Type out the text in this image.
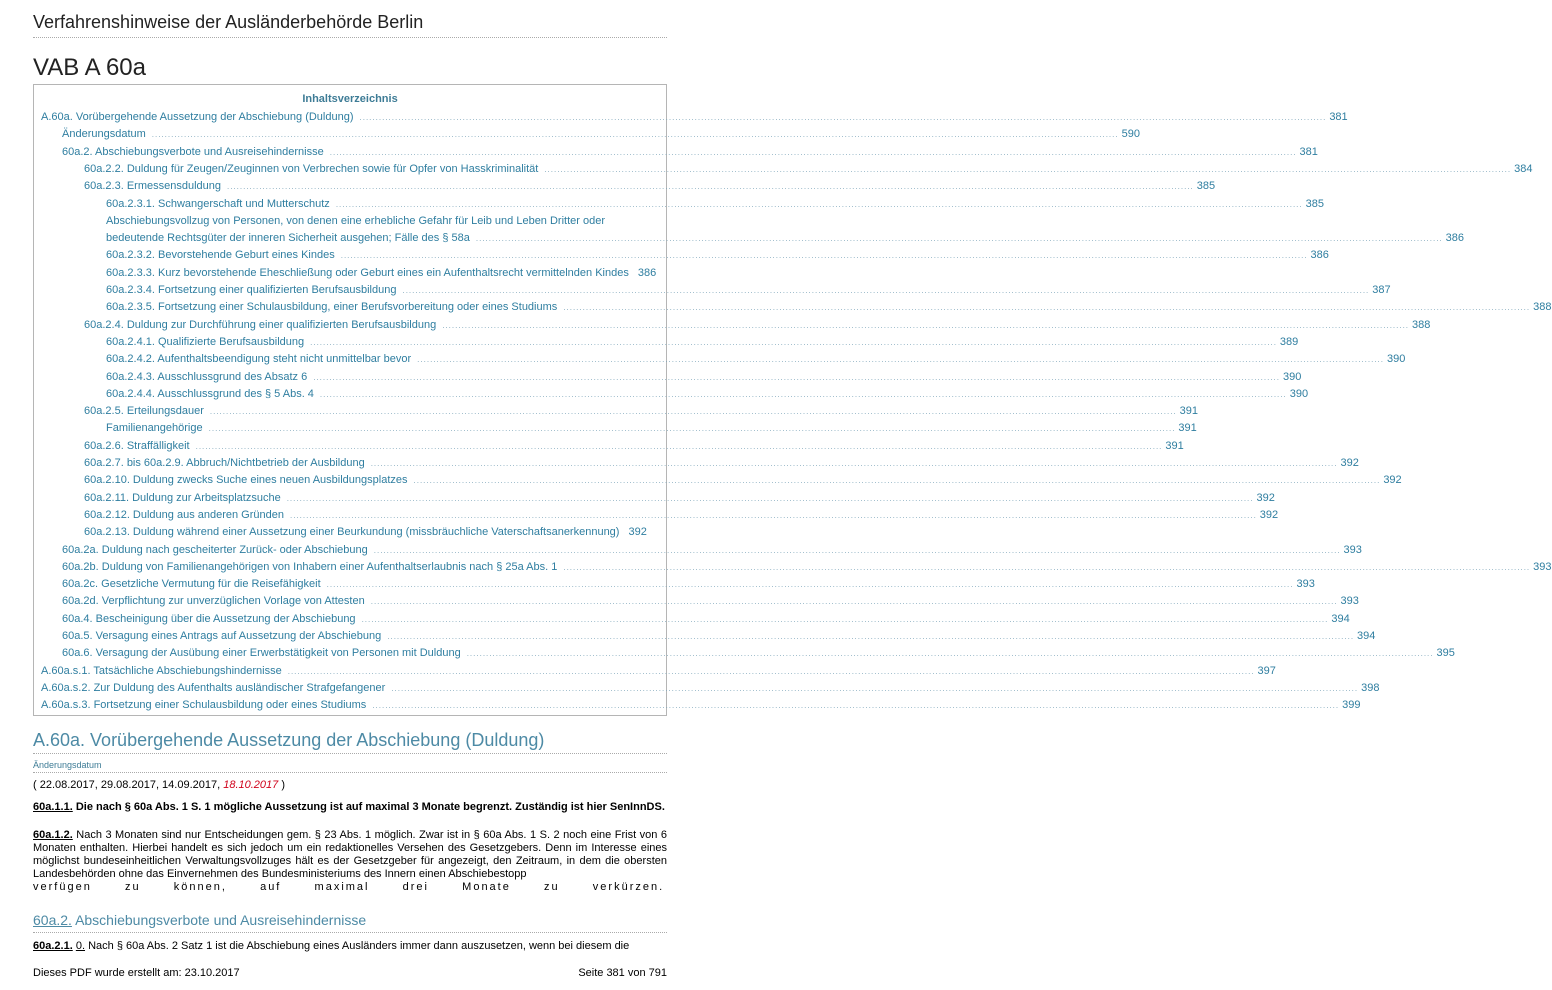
Verfahrenshinweise der Ausländerbehörde Berlin
VAB A 60a
Inhaltsverzeichnis
A.60a. Vorübergehende Aussetzung der Abschiebung (Duldung) ............................................................................................................................................................................................................................................................................................................ 381
Änderungsdatum ............................................................................................................................................................................................................................................................................................................ 590
60a.2. Abschiebungsverbote und Ausreisehindernisse ............................................................................................................................................................................................................................................................................................................ 381
60a.2.2. Duldung für Zeugen/Zeuginnen von Verbrechen sowie für Opfer von Hasskriminalität ............................................................................................................................................................................................................................................................................................................ 384
60a.2.3. Ermessensduldung ............................................................................................................................................................................................................................................................................................................ 385
60a.2.3.1. Schwangerschaft und Mutterschutz ............................................................................................................................................................................................................................................................................................................ 385
Abschiebungsvollzug von Personen, von denen eine erhebliche Gefahr für Leib und Leben Dritter oder
bedeutende Rechtsgüter der inneren Sicherheit ausgehen; Fälle des § 58a ............................................................................................................................................................................................................................................................................................................ 386
60a.2.3.2. Bevorstehende Geburt eines Kindes ............................................................................................................................................................................................................................................................................................................ 386
60a.2.3.3. Kurz bevorstehende Eheschließung oder Geburt eines ein Aufenthaltsrecht vermittelnden Kindes 386
60a.2.3.4. Fortsetzung einer qualifizierten Berufsausbildung ............................................................................................................................................................................................................................................................................................................ 387
60a.2.3.5. Fortsetzung einer Schulausbildung, einer Berufsvorbereitung oder eines Studiums ............................................................................................................................................................................................................................................................................................................ 388
60a.2.4. Duldung zur Durchführung einer qualifizierten Berufsausbildung ............................................................................................................................................................................................................................................................................................................ 388
60a.2.4.1. Qualifizierte Berufsausbildung ............................................................................................................................................................................................................................................................................................................ 389
60a.2.4.2. Aufenthaltsbeendigung steht nicht unmittelbar bevor ............................................................................................................................................................................................................................................................................................................ 390
60a.2.4.3. Ausschlussgrund des Absatz 6 ............................................................................................................................................................................................................................................................................................................ 390
60a.2.4.4. Ausschlussgrund des § 5 Abs. 4 ............................................................................................................................................................................................................................................................................................................ 390
60a.2.5. Erteilungsdauer ............................................................................................................................................................................................................................................................................................................ 391
Familienangehörige ............................................................................................................................................................................................................................................................................................................ 391
60a.2.6. Straffälligkeit ............................................................................................................................................................................................................................................................................................................ 391
60a.2.7. bis 60a.2.9. Abbruch/Nichtbetrieb der Ausbildung ............................................................................................................................................................................................................................................................................................................ 392
60a.2.10. Duldung zwecks Suche eines neuen Ausbildungsplatzes ............................................................................................................................................................................................................................................................................................................ 392
60a.2.11. Duldung zur Arbeitsplatzsuche ............................................................................................................................................................................................................................................................................................................ 392
60a.2.12. Duldung aus anderen Gründen ............................................................................................................................................................................................................................................................................................................ 392
60a.2.13. Duldung während einer Aussetzung einer Beurkundung (missbräuchliche Vaterschaftsanerkennung) 392
60a.2a. Duldung nach gescheiterter Zurück- oder Abschiebung ............................................................................................................................................................................................................................................................................................................ 393
60a.2b. Duldung von Familienangehörigen von Inhabern einer Aufenthaltserlaubnis nach § 25a Abs. 1 ............................................................................................................................................................................................................................................................................................................ 393
60a.2c. Gesetzliche Vermutung für die Reisefähigkeit ............................................................................................................................................................................................................................................................................................................ 393
60a.2d. Verpflichtung zur unverzüglichen Vorlage von Attesten ............................................................................................................................................................................................................................................................................................................ 393
60a.4. Bescheinigung über die Aussetzung der Abschiebung ............................................................................................................................................................................................................................................................................................................ 394
60a.5. Versagung eines Antrags auf Aussetzung der Abschiebung ............................................................................................................................................................................................................................................................................................................ 394
60a.6. Versagung der Ausübung einer Erwerbstätigkeit von Personen mit Duldung ............................................................................................................................................................................................................................................................................................................ 395
A.60a.s.1. Tatsächliche Abschiebungshindernisse ............................................................................................................................................................................................................................................................................................................ 397
A.60a.s.2. Zur Duldung des Aufenthalts ausländischer Strafgefangener ............................................................................................................................................................................................................................................................................................................ 398
A.60a.s.3. Fortsetzung einer Schulausbildung oder eines Studiums ............................................................................................................................................................................................................................................................................................................ 399
A.60a. Vorübergehende Aussetzung der Abschiebung (Duldung)
Änderungsdatum
( 22.08.2017, 29.08.2017, 14.09.2017, 18.10.2017 )
60a.1.1. Die nach § 60a Abs. 1 S. 1 mögliche Aussetzung ist auf maximal 3 Monate begrenzt. Zuständig ist hier SenInnDS.
60a.1.2. Nach 3 Monaten sind nur Entscheidungen gem. § 23 Abs. 1 möglich. Zwar ist in § 60a Abs. 1 S. 2 noch eine Frist von 6 Monaten enthalten. Hierbei handelt es sich jedoch um ein redaktionelles Versehen des Gesetzgebers. Denn im Interesse eines möglichst bundeseinheitlichen Verwaltungsvollzuges hält es der Gesetzgeber für angezeigt, den Zeitraum, in dem die obersten Landesbehörden ohne das Einvernehmen des Bundesministeriums des Innern einen Abschiebestopp
verfügen   zu   können,   auf   maximal   drei   Monate   zu   verkürzen.
60a.2. Abschiebungsverbote und Ausreisehindernisse
60a.2.1. 0. Nach § 60a Abs. 2 Satz 1 ist die Abschiebung eines Ausländers immer dann auszusetzen, wenn bei diesem die
Dieses PDF wurde erstellt am: 23.10.2017	Seite 381 von 791
